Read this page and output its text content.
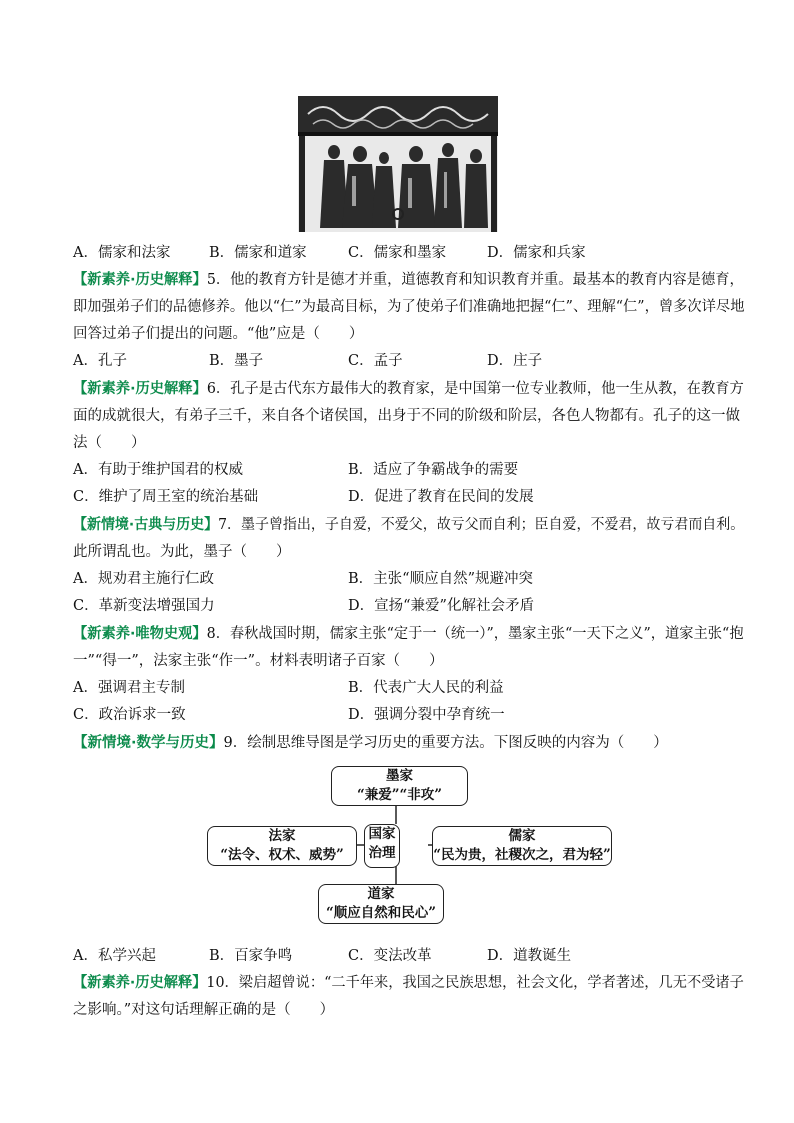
A．儒家和法家	B．儒家和道家	C．儒家和墨家	D．儒家和兵家
【新素养·历史解释】5．他的教育方针是德才并重，道德教育和知识教育并重。最基本的教育内容是德育，
即加强弟子们的品德修养。他以“仁”为最高目标，为了使弟子们准确地把握“仁”、理解“仁”，曾多次详尽地
回答过弟子们提出的问题。“他”应是（　　）
A．孔子	B．墨子	C．孟子	D．庄子
【新素养·历史解释】6．孔子是古代东方最伟大的教育家，是中国第一位专业教师，他一生从教，在教育方
面的成就很大，有弟子三千，来自各个诸侯国，出身于不同的阶级和阶层，各色人物都有。孔子的这一做
法（　　）
A．有助于维护国君的权威	B．适应了争霸战争的需要
C．维护了周王室的统治基础	D．促进了教育在民间的发展
【新情境·古典与历史】7．墨子曾指出，子自爱，不爱父，故亏父而自利；臣自爱，不爱君，故亏君而自利。
此所谓乱也。为此，墨子（　　）
A．规劝君主施行仁政	B．主张“顺应自然”规避冲突
C．革新变法增强国力	D．宣扬“兼爱”化解社会矛盾
【新素养·唯物史观】8．春秋战国时期，儒家主张“定于一（统一）”，墨家主张“一天下之义”，道家主张“抱
一”“得一”，法家主张“作一”。材料表明诸子百家（　　）
A．强调君主专制	B．代表广大人民的利益
C．政治诉求一致	D．强调分裂中孕育统一
【新情境·数学与历史】9．绘制思维导图是学习历史的重要方法。下图反映的内容为（　　）
墨家
“兼爱”“非攻”
国家
治理
法家
“法令、权术、威势”
儒家
“民为贵，社稷次之，君为轻”
道家
“顺应自然和民心”
A．私学兴起	B．百家争鸣	C．变法改革	D．道教诞生
【新素养·历史解释】10．梁启超曾说：“二千年来，我国之民族思想，社会文化，学者著述，几无不受诸子
之影响。”对这句话理解正确的是（　　）
